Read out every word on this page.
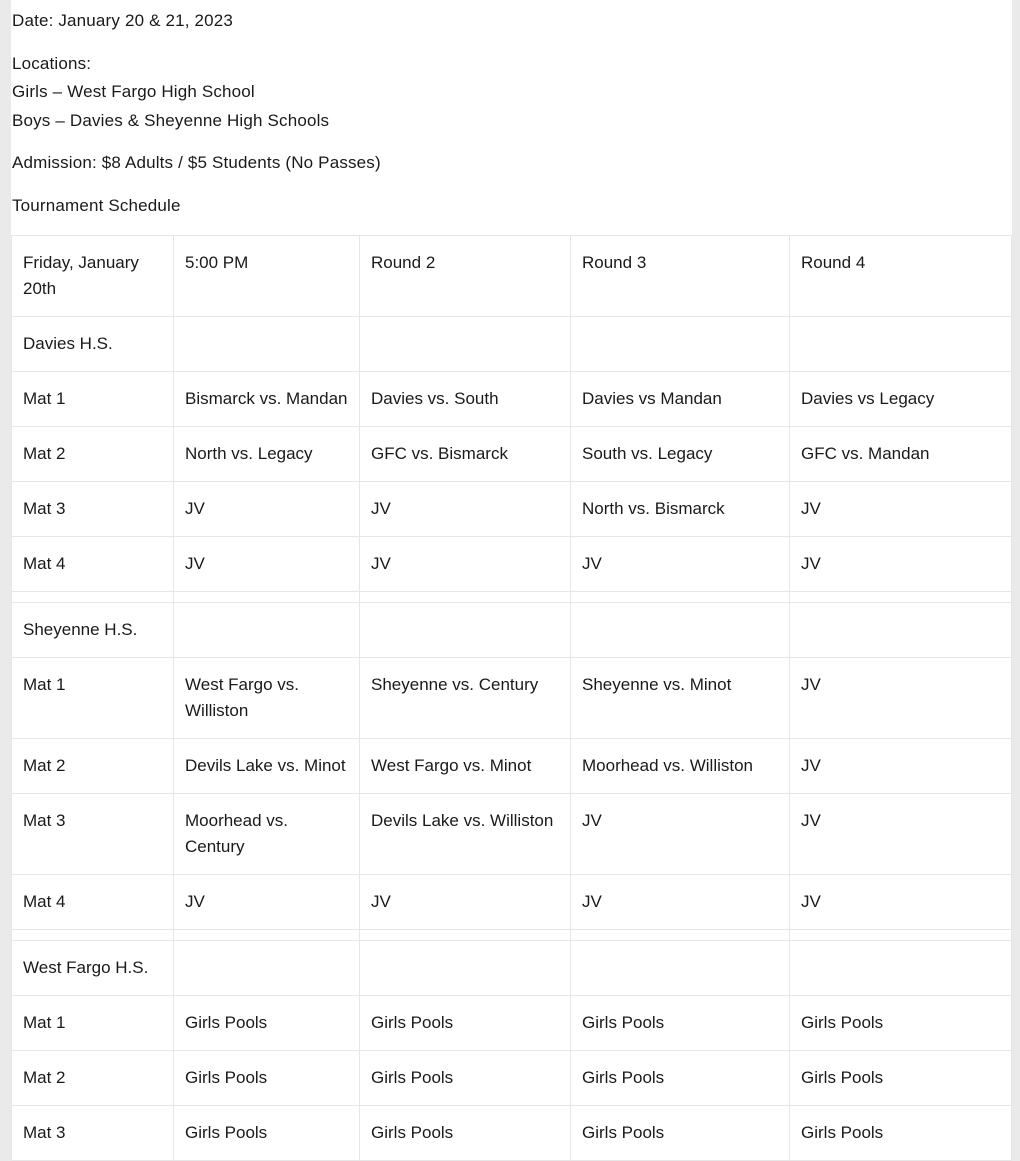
Date: January 20 & 21, 2023
Locations:
Girls – West Fargo High School
Boys – Davies & Sheyenne High Schools
Admission: $8 Adults / $5 Students (No Passes)
Tournament Schedule
Friday, January 20th	5:00 PM	Round 2	Round 3	Round 4
Davies H.S.				
Mat 1	Bismarck vs. Mandan	Davies vs. South	Davies vs Mandan	Davies vs Legacy
Mat 2	North vs. Legacy	GFC vs. Bismarck	South vs. Legacy	GFC vs. Mandan
Mat 3	JV	JV	North vs. Bismarck	JV
Mat 4	JV	JV	JV	JV

Sheyenne H.S.				
Mat 1	West Fargo vs. Williston	Sheyenne vs. Century	Sheyenne vs. Minot	JV
Mat 2	Devils Lake vs. Minot	West Fargo vs. Minot	Moorhead vs. Williston	JV
Mat 3	Moorhead vs. Century	Devils Lake vs. Williston	JV	JV
Mat 4	JV	JV	JV	JV

West Fargo H.S.				
Mat 1	Girls Pools	Girls Pools	Girls Pools	Girls Pools
Mat 2	Girls Pools	Girls Pools	Girls Pools	Girls Pools
Mat 3	Girls Pools	Girls Pools	Girls Pools	Girls Pools
